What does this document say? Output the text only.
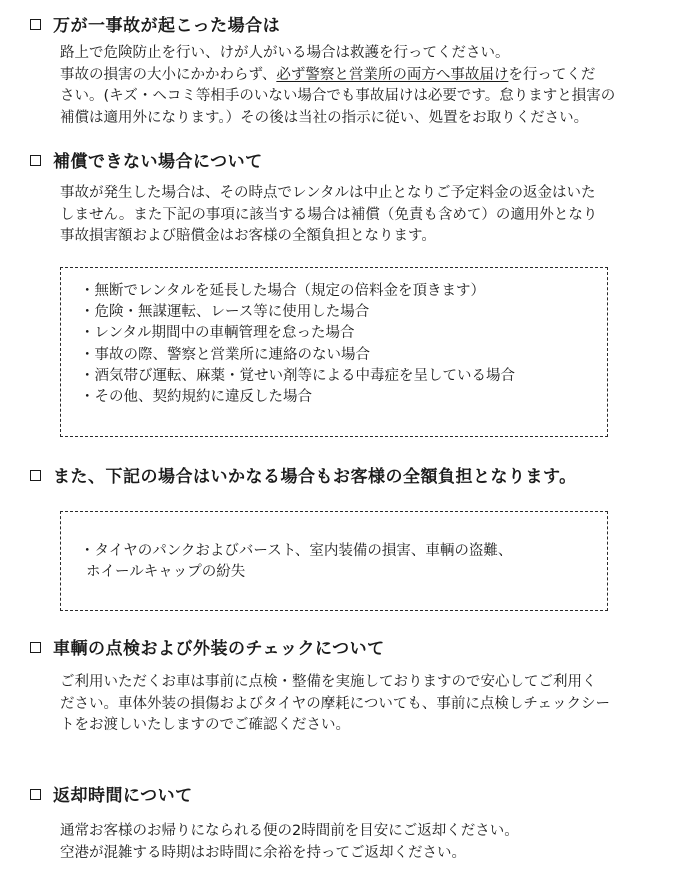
万が一事故が起こった場合は
路上で危険防止を行い、けが人がいる場合は救護を行ってください。
事故の損害の大小にかかわらず、必ず警察と営業所の両方へ事故届けを行ってくだ
さい。(キズ・ヘコミ等相手のいない場合でも事故届けは必要です。怠りますと損害の
補償は適用外になります。）その後は当社の指示に従い、処置をお取りください。
補償できない場合について
事故が発生した場合は、その時点でレンタルは中止となりご予定料金の返金はいた
しません。また下記の事項に該当する場合は補償（免責も含めて）の適用外となり
事故損害額および賠償金はお客様の全額負担となります。
・無断でレンタルを延長した場合（規定の倍料金を頂きます）
・危険・無謀運転、レース等に使用した場合
・レンタル期間中の車輌管理を怠った場合
・事故の際、警察と営業所に連絡のない場合
・酒気帯び運転、麻薬・覚せい剤等による中毒症を呈している場合
・その他、契約規約に違反した場合
また、下記の場合はいかなる場合もお客様の全額負担となります。
・タイヤのパンクおよびバースト、室内装備の損害、車輌の盗難、
ホイールキャップの紛失
車輌の点検および外装のチェックについて
ご利用いただくお車は事前に点検・整備を実施しておりますので安心してご利用く
ださい。車体外装の損傷およびタイヤの摩耗についても、事前に点検しチェックシー
トをお渡しいたしますのでご確認ください。
返却時間について
通常お客様のお帰りになられる便の2時間前を目安にご返却ください。
空港が混雑する時期はお時間に余裕を持ってご返却ください。
